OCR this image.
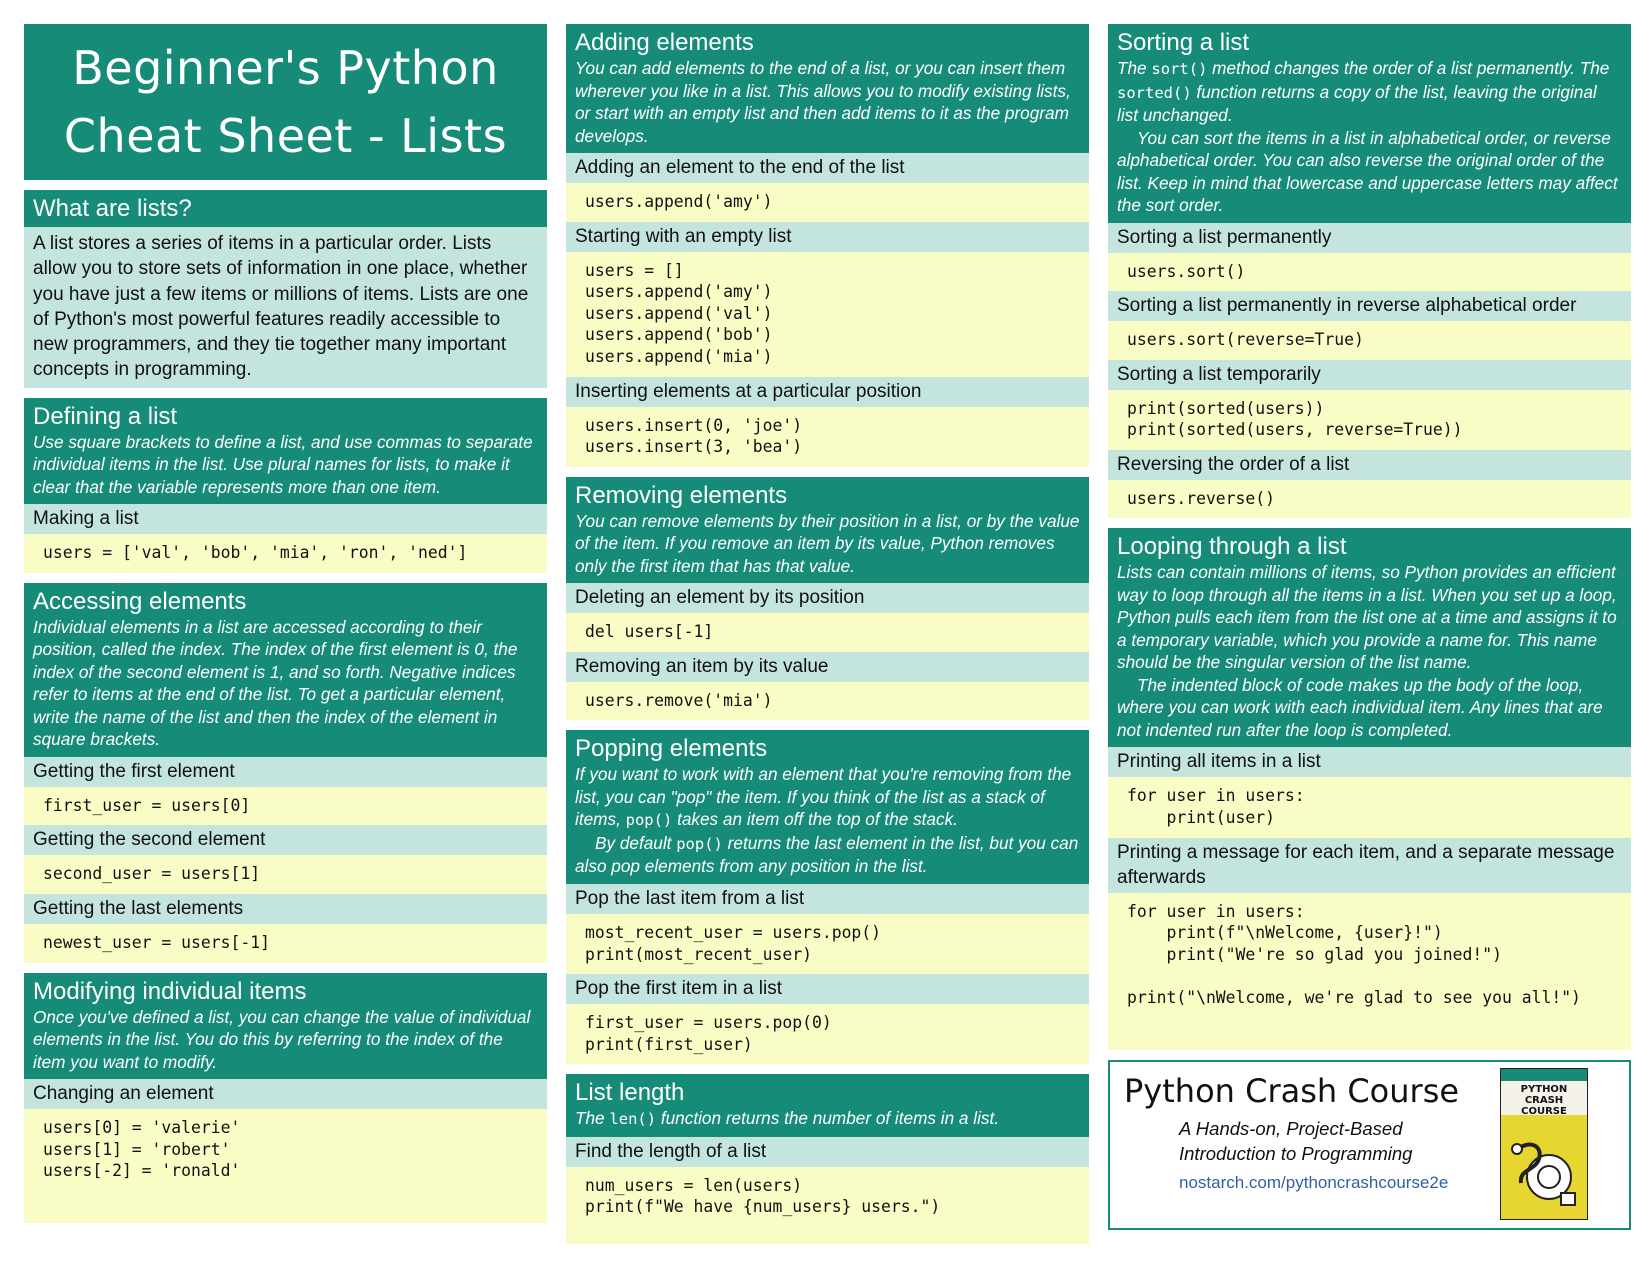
Beginner's Python
Cheat Sheet - Lists
What are lists?
A list stores a series of items in a particular order. Lists allow you to store sets of information in one place, whether you have just a few items or millions of items. Lists are one of Python's most powerful features readily accessible to new programmers, and they tie together many important concepts in programming.
Defining a list
Use square brackets to define a list, and use commas to separate individual items in the list. Use plural names for lists, to make it clear that the variable represents more than one item.
Making a list
users = ['val', 'bob', 'mia', 'ron', 'ned']
Accessing elements
Individual elements in a list are accessed according to their position, called the index. The index of the first element is 0, the index of the second element is 1, and so forth. Negative indices refer to items at the end of the list. To get a particular element, write the name of the list and then the index of the element in square brackets.
Getting the first element
first_user = users[0]
Getting the second element
second_user = users[1]
Getting the last elements
newest_user = users[-1]
Modifying individual items
Once you've defined a list, you can change the value of individual elements in the list. You do this by referring to the index of the item you want to modify.
Changing an element
users[0] = 'valerie'
users[1] = 'robert'
users[-2] = 'ronald'

Adding elements
You can add elements to the end of a list, or you can insert them wherever you like in a list. This allows you to modify existing lists, or start with an empty list and then add items to it as the program develops.
Adding an element to the end of the list
users.append('amy')
Starting with an empty list
users = []
users.append('amy')
users.append('val')
users.append('bob')
users.append('mia')
Inserting elements at a particular position
users.insert(0, 'joe')
users.insert(3, 'bea')
Removing elements
You can remove elements by their position in a list, or by the value of the item. If you remove an item by its value, Python removes only the first item that has that value.
Deleting an element by its position
del users[-1]
Removing an item by its value
users.remove('mia')
Popping elements
If you want to work with an element that you're removing from the list, you can "pop" the item. If you think of the list as a stack of items, pop() takes an item off the top of the stack.
By default pop() returns the last element in the list, but you can also pop elements from any position in the list.
Pop the last item from a list
most_recent_user = users.pop()
print(most_recent_user)
Pop the first item in a list
first_user = users.pop(0)
print(first_user)
List length
The len() function returns the number of items in a list.
Find the length of a list
num_users = len(users)
print(f"We have {num_users} users.")
Sorting a list
The sort() method changes the order of a list permanently. The sorted() function returns a copy of the list, leaving the original list unchanged.
You can sort the items in a list in alphabetical order, or reverse alphabetical order. You can also reverse the original order of the list. Keep in mind that lowercase and uppercase letters may affect the sort order.
Sorting a list permanently
users.sort()
Sorting a list permanently in reverse alphabetical order
users.sort(reverse=True)
Sorting a list temporarily
print(sorted(users))
print(sorted(users, reverse=True))
Reversing the order of a list
users.reverse()
Looping through a list
Lists can contain millions of items, so Python provides an efficient way to loop through all the items in a list. When you set up a loop, Python pulls each item from the list one at a time and assigns it to a temporary variable, which you provide a name for. This name should be the singular version of the list name.
The indented block of code makes up the body of the loop, where you can work with each individual item. Any lines that are not indented run after the loop is completed.
Printing all items in a list
for user in users:
print(user)
Printing a message for each item, and a separate message afterwards
for user in users:
print(f"\nWelcome, {user}!")
print("We're so glad you joined!")

print("\nWelcome, we're glad to see you all!")
Python Crash Course
A Hands-on, Project-Based
Introduction to Programming
nostarch.com/pythoncrashcourse2e
PYTHON CRASH COURSE
